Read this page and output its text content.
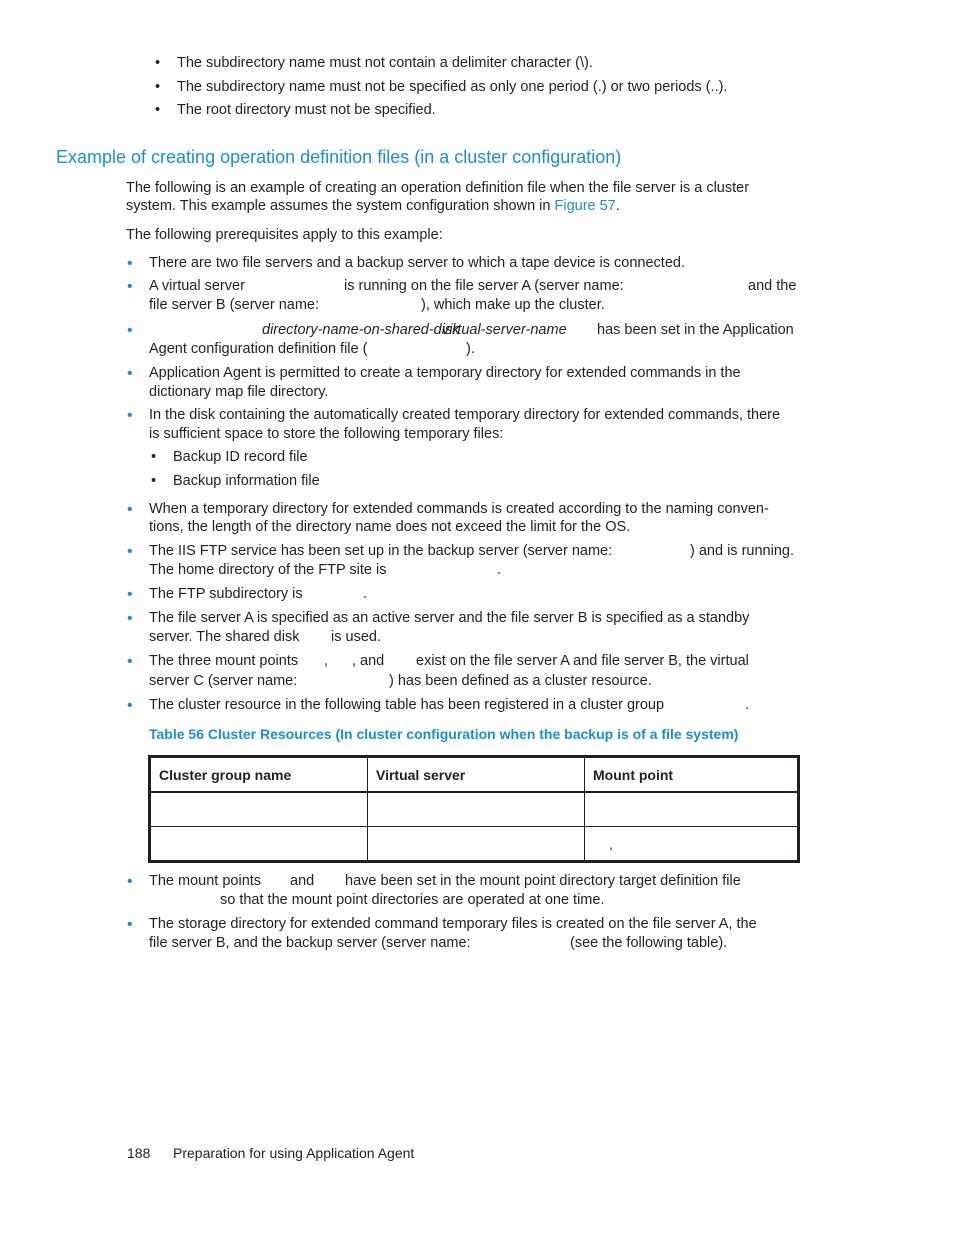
• The subdirectory name must not contain a delimiter character (\).
• The subdirectory name must not be specified as only one period (.) or two periods (..).
• The root directory must not be specified.
Example of creating operation definition files (in a cluster configuration)
The following is an example of creating an operation definition file when the file server is a cluster
system. This example assumes the system configuration shown in Figure 57.
The following prerequisites apply to this example:
• There are two file servers and a backup server to which a tape device is connected.
• A virtual server	is running on the file server A (server name:	and the
file server B (server name:	), which make up the cluster.
directory-name-on-shared-disk
virtual-server-name has been set in the Application
Agent configuration definition file (	).
• Application Agent is permitted to create a temporary directory for extended commands in the
dictionary map file directory.
• In the disk containing the automatically created temporary directory for extended commands, there
is sufficient space to store the following temporary files:
• Backup ID record file
• Backup information file
• When a temporary directory for extended commands is created according to the naming conven-
tions, the length of the directory name does not exceed the limit for the OS.
• The IIS FTP service has been set up in the backup server (server name:	) and is running.
The home directory of the FTP site is	.
• The FTP subdirectory is	.
• The file server A is specified as an active server and the file server B is specified as a standby
server. The shared disk is used.
• The three mount points , , and exist on the file server A and file server B, the virtual
server C (server name:	) has been defined as a cluster resource.
• The cluster resource in the following table has been registered in a cluster group	.
Table 56 Cluster Resources (In cluster configuration when the backup is of a file system)
Cluster group name	Virtual server	Mount point

		,
• The mount points and have been set in the mount point directory target definition file
so that the mount point directories are operated at one time.
• The storage directory for extended command temporary files is created on the file server A, the
file server B, and the backup server (server name:	(see the following table).
188 Preparation for using Application Agent
